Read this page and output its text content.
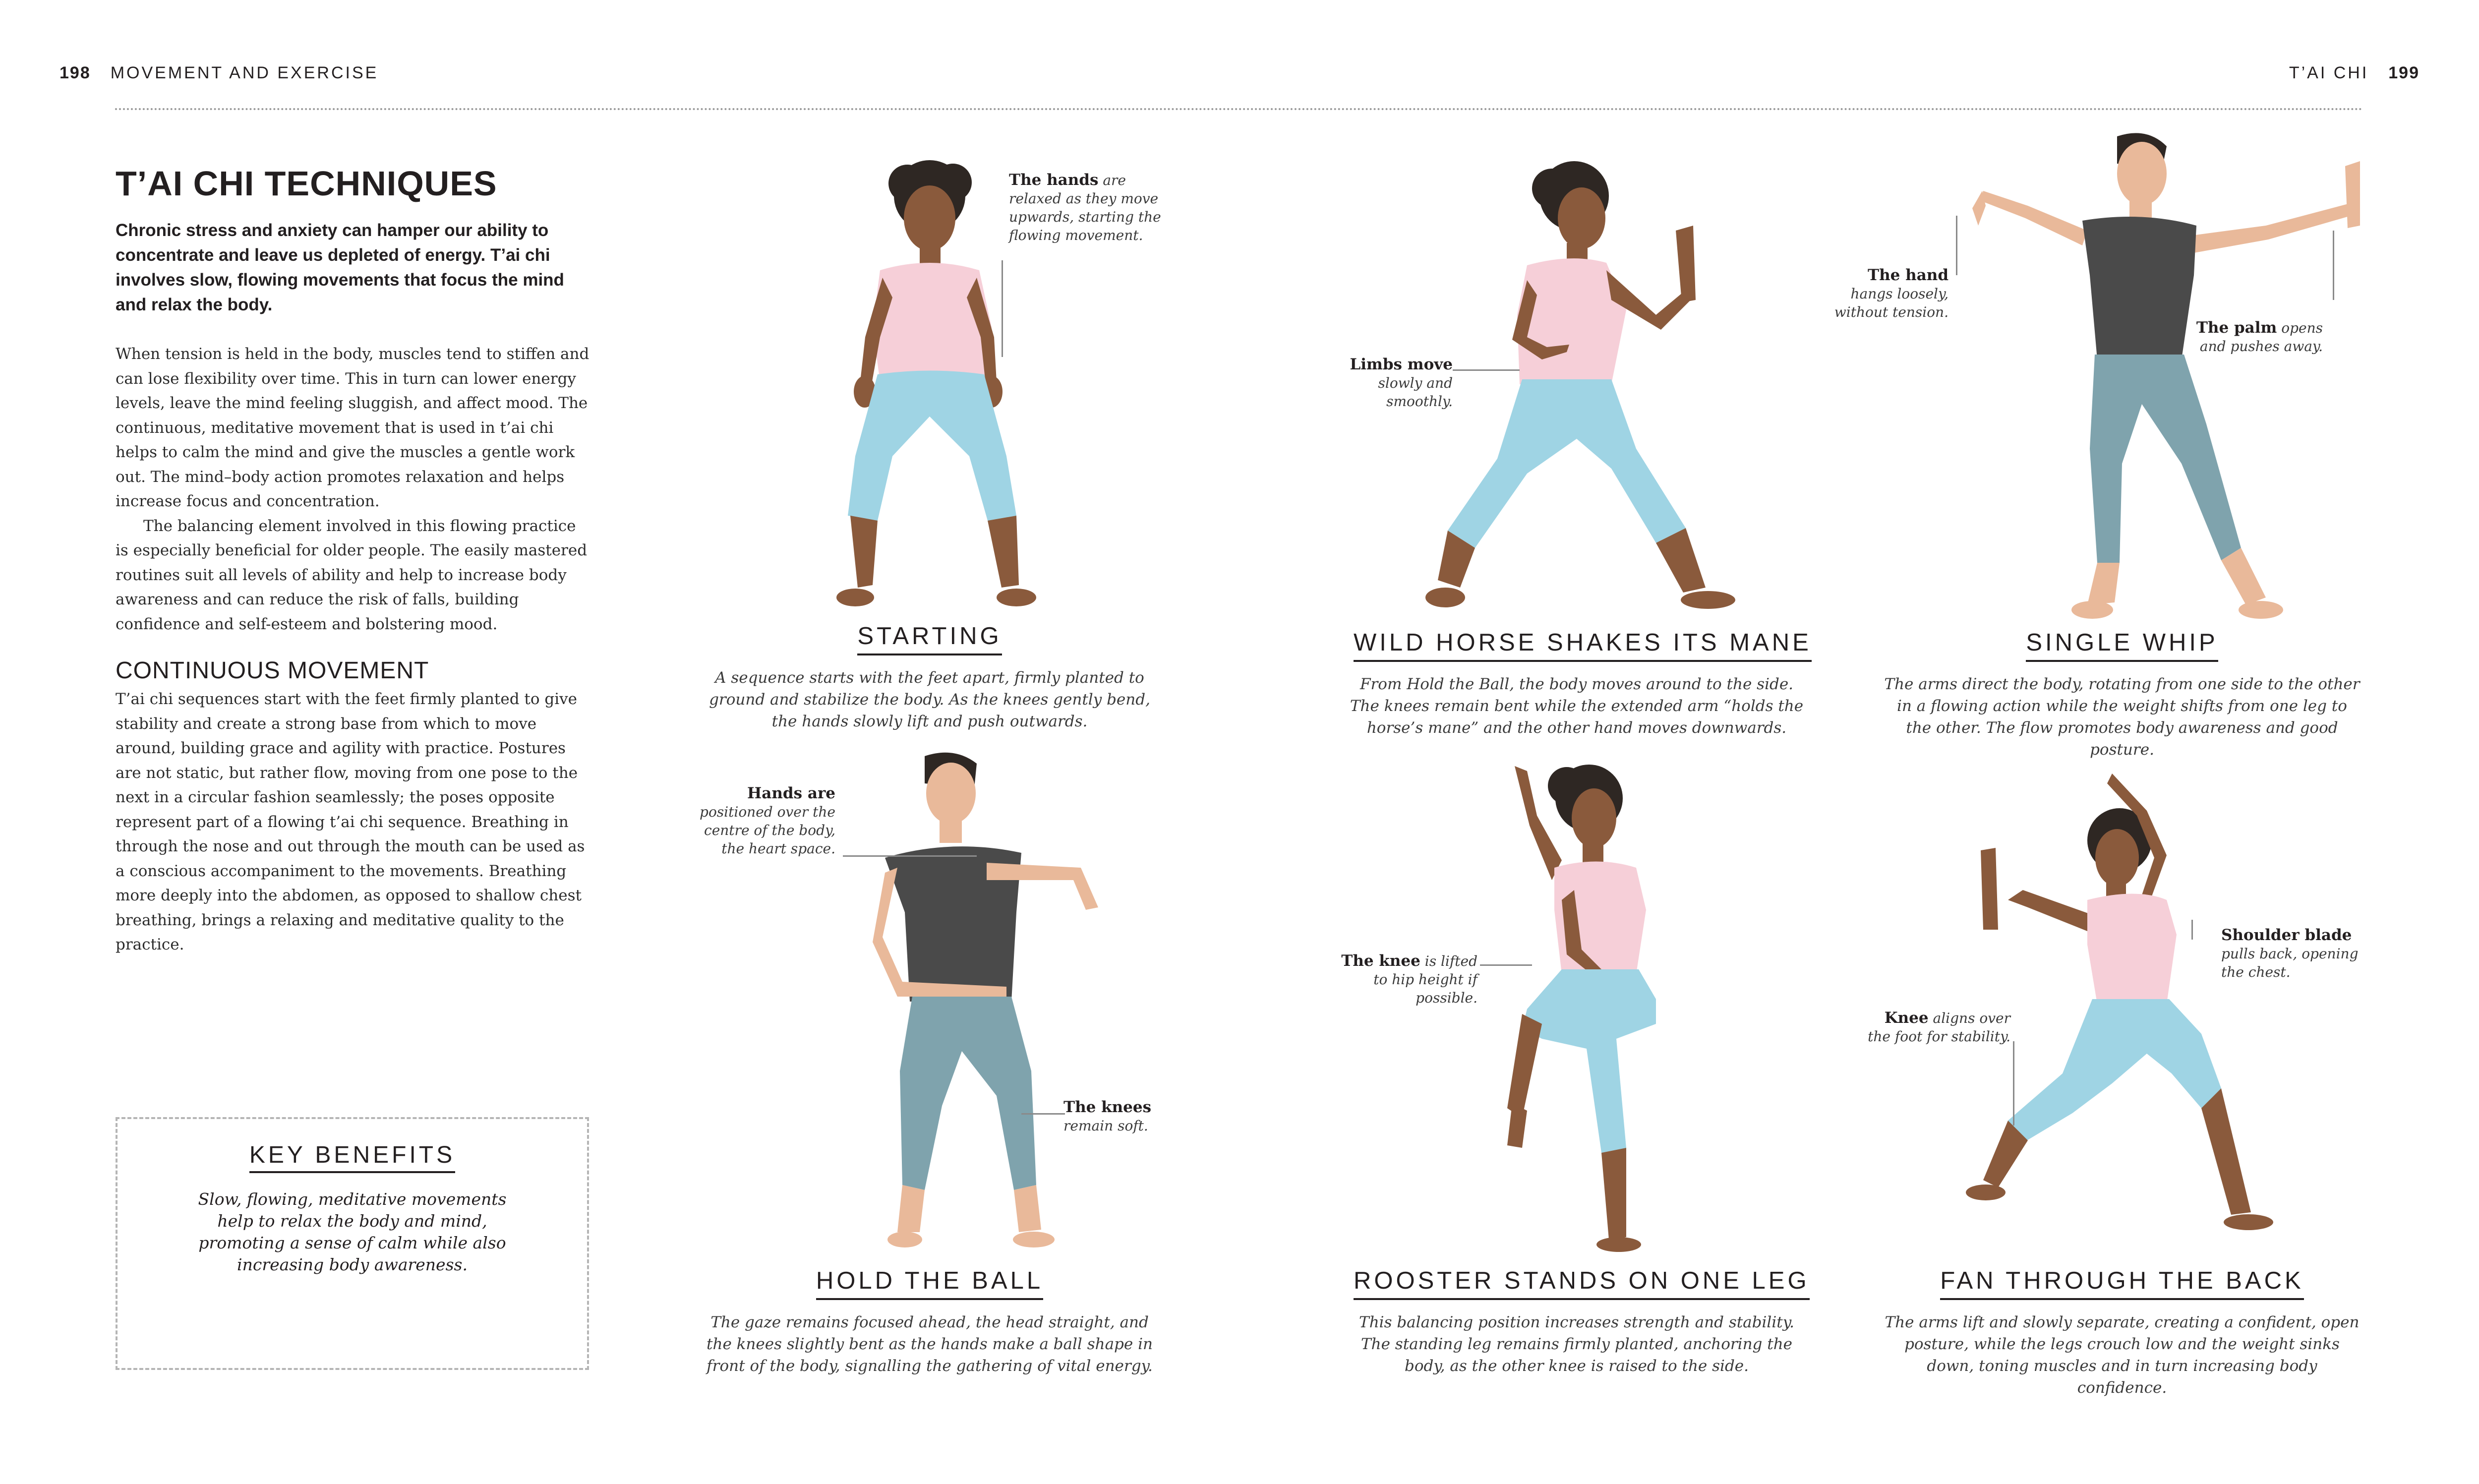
198 MOVEMENT AND EXERCISE	T’AI CHI 199
T’AI CHI TECHNIQUES
Chronic stress and anxiety can hamper our ability to concentrate and leave us depleted of energy. T’ai chi involves slow, flowing movements that focus the mind and relax the body.

When tension is held in the body, muscles tend to stiffen and can lose flexibility over time. This in turn can lower energy levels, leave the mind feeling sluggish, and affect mood. The continuous, meditative movement that is used in t’ai chi helps to calm the mind and give the muscles a gentle work out. The mind–body action promotes relaxation and helps increase focus and concentration.

The balancing element involved in this flowing practice is especially beneficial for older people. The easily mastered routines suit all levels of ability and help to increase body awareness and can reduce the risk of falls, building confidence and self-esteem and bolstering mood.

CONTINUOUS MOVEMENT

T’ai chi sequences start with the feet firmly planted to give stability and create a strong base from which to move around, building grace and agility with practice. Postures are not static, but rather flow, moving from one pose to the next in a circular fashion seamlessly; the poses opposite represent part of a flowing t’ai chi sequence. Breathing in through the nose and out through the mouth can be used as a conscious accompaniment to the movements. Breathing more deeply into the abdomen, as opposed to shallow chest breathing, brings a relaxing and meditative quality to the practice.

KEY BENEFITS
Slow, flowing, meditative movements help to relax the body and mind, promoting a sense of calm while also increasing body awareness.
The hands are relaxed as they move upwards, starting the flowing movement.
STARTING
A sequence starts with the feet apart, firmly planted to ground and stabilize the body. As the knees gently bend, the hands slowly lift and push outwards.
Limbs move
slowly and smoothly.
WILD HORSE SHAKES ITS MANE
From Hold the Ball, the body moves around to the side. The knees remain bent while the extended arm “holds the horse’s mane” and the other hand moves downwards.
The hand
hangs loosely, without tension.
The palm opens and pushes away.
SINGLE WHIP
The arms direct the body, rotating from one side to the other in a flowing action while the weight shifts from one leg to the other. The flow promotes body awareness and good posture.
Hands are
positioned over the centre of the body, the heart space.
The knees
remain soft.
HOLD THE BALL
The gaze remains focused ahead, the head straight, and the knees slightly bent as the hands make a ball shape in front of the body, signalling the gathering of vital energy.
The knee is lifted to hip height if possible.
ROOSTER STANDS ON ONE LEG
This balancing position increases strength and stability. The standing leg remains firmly planted, anchoring the body, as the other knee is raised to the side.
Shoulder blade
pulls back, opening the chest.
Knee aligns over the foot for stability.
FAN THROUGH THE BACK
The arms lift and slowly separate, creating a confident, open posture, while the legs crouch low and the weight sinks down, toning muscles and in turn increasing body confidence.
